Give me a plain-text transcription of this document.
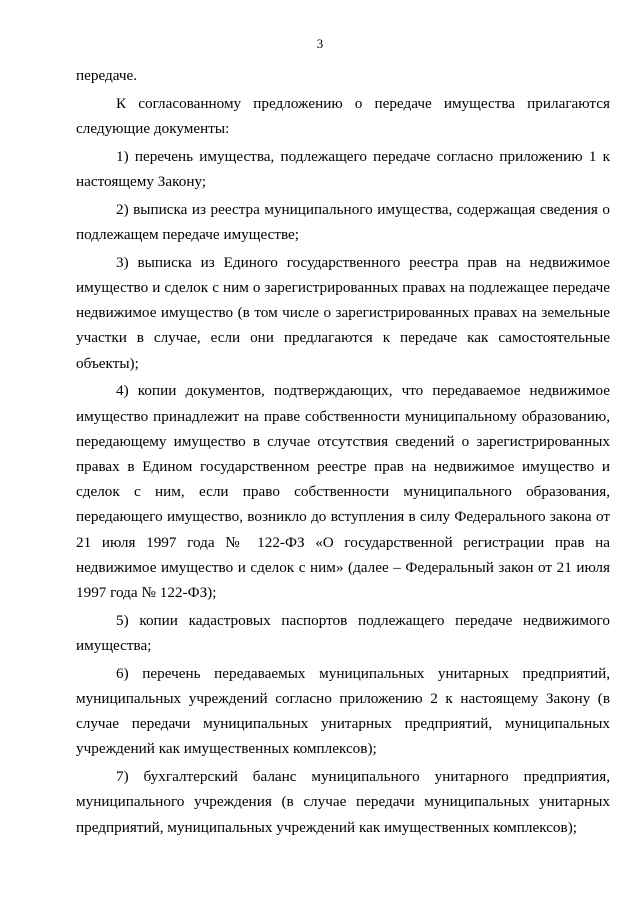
3

передаче.

К согласованному предложению о передаче имущества прилагаются следующие документы:

1) перечень имущества, подлежащего передаче согласно приложению 1 к настоящему Закону;

2) выписка из реестра муниципального имущества, содержащая сведения о подлежащем передаче имуществе;

3) выписка из Единого государственного реестра прав на недвижимое имущество и сделок с ним о зарегистрированных правах на подлежащее передаче недвижимое имущество (в том числе о зарегистрированных правах на земельные участки в случае, если они предлагаются к передаче как самостоятельные объекты);

4) копии документов, подтверждающих, что передаваемое недвижимое имущество принадлежит на праве собственности муниципальному образованию, передающему имущество в случае отсутствия сведений о зарегистрированных правах в Едином государственном реестре прав на недвижимое имущество и сделок с ним, если право собственности муниципального образования, передающего имущество, возникло до вступления в силу Федерального закона от 21 июля 1997 года № 122-ФЗ «О государственной регистрации прав на недвижимое имущество и сделок с ним» (далее – Федеральный закон от 21 июля 1997 года № 122-ФЗ);

5) копии кадастровых паспортов подлежащего передаче недвижимого имущества;

6) перечень передаваемых муниципальных унитарных предприятий, муниципальных учреждений согласно приложению 2 к настоящему Закону (в случае передачи муниципальных унитарных предприятий, муниципальных учреждений как имущественных комплексов);

7) бухгалтерский баланс муниципального унитарного предприятия, муниципального учреждения (в случае передачи муниципальных унитарных предприятий, муниципальных учреждений как имущественных комплексов);
